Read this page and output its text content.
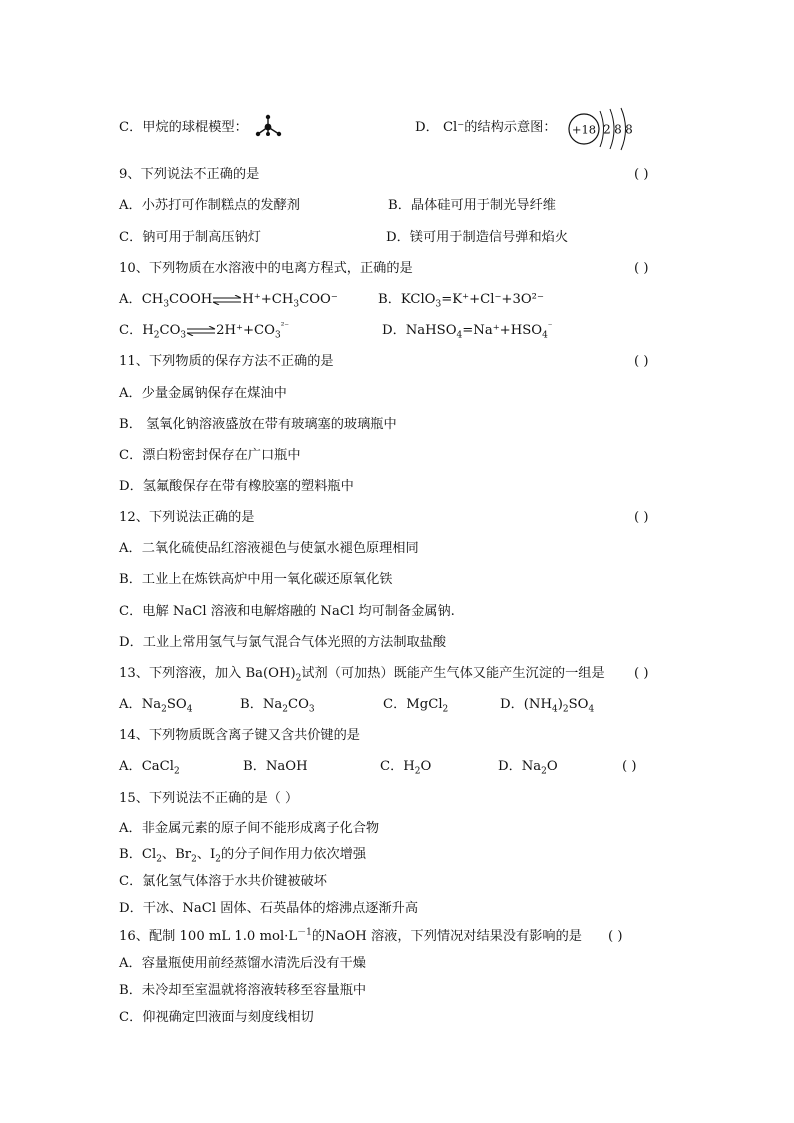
C．甲烷的球棍模型：	D． Cl⁻的结构示意图： +18 2 8 8
9、下列说法不正确的是	( )
A．小苏打可作制糕点的发酵剂	B．晶体硅可用于制光导纤维
C．钠可用于制高压钠灯	D．镁可用于制造信号弹和焰火
10、下列物质在水溶液中的电离方程式，正确的是	( )
A．$CH_3COOH\rightleftharpoons H^++CH_3COO^-$	B．KClO$_3$=K⁺+Cl⁻+3O²⁻
C．$H_2CO_3$ $\rightleftharpoons 2H^++CO_3^{^{2-}}$	D．$NaHSO_4=Na^++HSO_4^{^-}$
11、下列物质的保存方法不正确的是	( )
A．少量金属钠保存在煤油中
B． 氢氧化钠溶液盛放在带有玻璃塞的玻璃瓶中
C．漂白粉密封保存在广口瓶中
D．氢氟酸保存在带有橡胶塞的塑料瓶中
12、下列说法正确的是	( )
A．二氧化硫使品红溶液褪色与使氯水褪色原理相同
B．工业上在炼铁高炉中用一氧化碳还原氧化铁
C．电解 NaCl 溶液和电解熔融的 NaCl 均可制备金属钠.
D．工业上常用氢气与氯气混合气体光照的方法制取盐酸
13、下列溶液，加入 $Ba(OH)_2$试剂（可加热）既能产生气体又能产生沉淀的一组是 ( )
A．$Na_2SO_4$	B．$Na_2CO_3$	C．MgCl$_2$	D．$(NH_4)_2SO_4$
14、下列物质既含离子键又含共价键的是
A．CaCl$_2$	B．NaOH	C．$H_2O$	D．$Na_2O$	( )
15、下列说法不正确的是（ ）
A．非金属元素的原子间不能形成离子化合物
B．$Cl_2$、$Br_2$、$I_2$的分子间作用力依次增强
C．氯化氢气体溶于水共价键被破坏
D．干冰、NaCl 固体、石英晶体的熔沸点逐渐升高
16、配制 100 mL 1.0 $mol\cdot L^{-1}$的NaOH 溶液，下列情况对结果没有影响的是 ( )
A．容量瓶使用前经蒸馏水清洗后没有干燥
B．未冷却至室温就将溶液转移至容量瓶中
C．仰视确定凹液面与刻度线相切
